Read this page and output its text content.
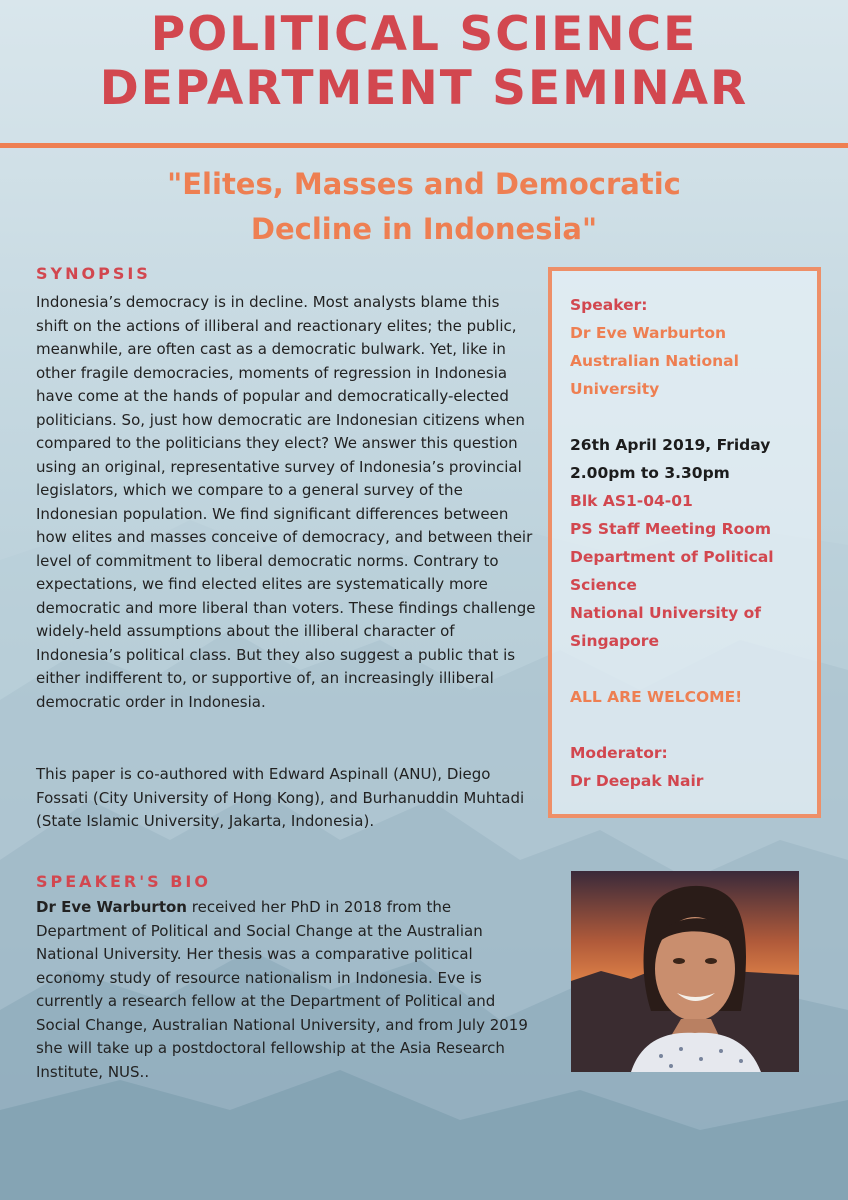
POLITICAL SCIENCE
DEPARTMENT SEMINAR
"Elites, Masses and Democratic
Decline in Indonesia"
SYNOPSIS

Indonesia’s democracy is in decline. Most analysts blame this shift on the actions of illiberal and reactionary elites; the public, meanwhile, are often cast as a democratic bulwark. Yet, like in other fragile democracies, moments of regression in Indonesia have come at the hands of popular and democratically-elected politicians. So, just how democratic are Indonesian citizens when compared to the politicians they elect? We answer this question using an original, representative survey of Indonesia’s provincial legislators, which we compare to a general survey of the Indonesian population. We find significant differences between how elites and masses conceive of democracy, and between their level of commitment to liberal democratic norms. Contrary to expectations, we find elected elites are systematically more democratic and more liberal than voters. These findings challenge widely-held assumptions about the illiberal character of Indonesia’s political class. But they also suggest a public that is either indifferent to, or supportive of, an increasingly illiberal democratic order in Indonesia.

This paper is co-authored with Edward Aspinall (ANU), Diego Fossati (City University of Hong Kong), and Burhanuddin Muhtadi (State Islamic University, Jakarta, Indonesia).

Speaker:
Dr Eve Warburton
Australian National
University
26th April 2019, Friday
2.00pm to 3.30pm
Blk AS1-04-01
PS Staff Meeting Room
Department of Political
Science
National University of
Singapore
ALL ARE WELCOME!
Moderator:
Dr Deepak Nair
SPEAKER'S BIO

Dr Eve Warburton received her PhD in 2018 from the Department of Political and Social Change at the Australian National University. Her thesis was a comparative political economy study of resource nationalism in Indonesia. Eve is currently a research fellow at the Department of Political and Social Change, Australian National University, and from July 2019 she will take up a postdoctoral fellowship at the Asia Research Institute, NUS..
